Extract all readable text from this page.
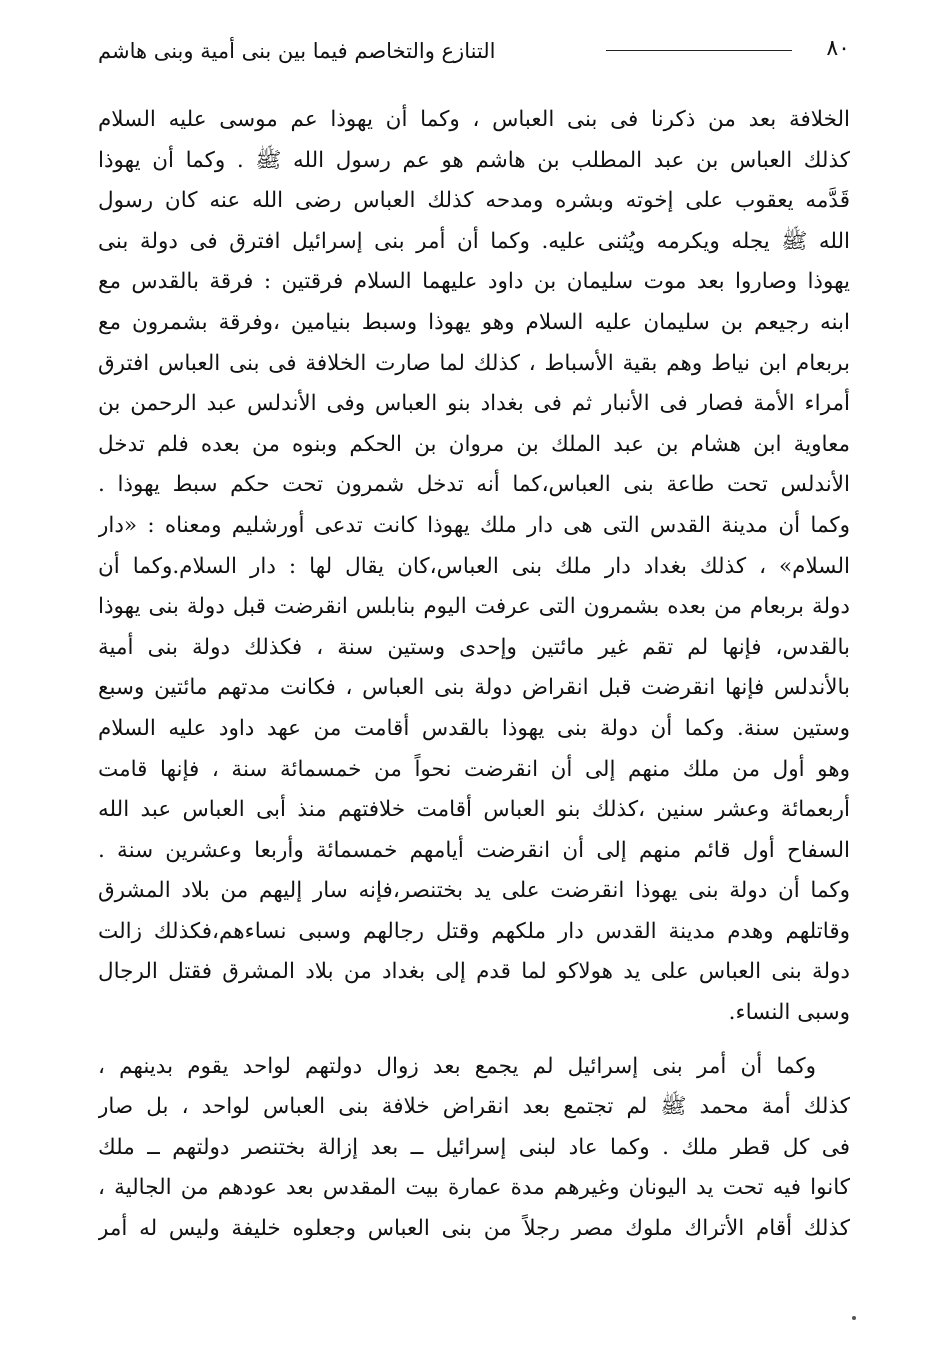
٨٠
التنازع والتخاصم فيما بين بنى أمية وبنى هاشم
الخلافة بعد من ذكرنا فى بنى العباس ، وكما أن يهوذا عم موسى عليه السلام
كذلك العباس بن عبد المطلب بن هاشم هو عم رسول الله ﷺ . وكما أن يهوذا
قَدَّمه يعقوب على إخوته وبشره ومدحه كذلك العباس رضى الله عنه كان رسول
الله ﷺ يجله ويكرمه ويُثنى عليه. وكما أن أمر بنى إسرائيل افترق فى دولة بنى
يهوذا وصاروا بعد موت سليمان بن داود عليهما السلام فرقتين : فرقة بالقدس مع
ابنه رجيعم بن سليمان عليه السلام وهو يهوذا وسبط بنيامين ،وفرقة بشمرون مع
بربعام ابن نياط وهم بقية الأسباط ، كذلك لما صارت الخلافة فى بنى العباس افترق
أمراء الأمة فصار فى الأنبار ثم فى بغداد بنو العباس وفى الأندلس عبد الرحمن بن
معاوية ابن هشام بن عبد الملك بن مروان بن الحكم وبنوه من بعده فلم تدخل
الأندلس تحت طاعة بنى العباس،كما أنه تدخل شمرون تحت حكم سبط يهوذا .
وكما أن مدينة القدس التى هى دار ملك يهوذا كانت تدعى أورشليم ومعناه : «دار
السلام» ، كذلك بغداد دار ملك بنى العباس،كان يقال لها : دار السلام.وكما أن
دولة بربعام من بعده بشمرون التى عرفت اليوم بنابلس انقرضت قبل دولة بنى يهوذا
بالقدس، فإنها لم تقم غير مائتين وإحدى وستين سنة ، فكذلك دولة بنى أمية
بالأندلس فإنها انقرضت قبل انقراض دولة بنى العباس ، فكانت مدتهم مائتين وسبع
وستين سنة. وكما أن دولة بنى يهوذا بالقدس أقامت من عهد داود عليه السلام
وهو أول من ملك منهم إلى أن انقرضت نحواً من خمسمائة سنة ، فإنها قامت
أربعمائة وعشر سنين ،كذلك بنو العباس أقامت خلافتهم منذ أبى العباس عبد الله
السفاح أول قائم منهم إلى أن انقرضت أيامهم خمسمائة وأربعا وعشرين سنة .
وكما أن دولة بنى يهوذا انقرضت على يد بختنصر،فإنه سار إليهم من بلاد المشرق
وقاتلهم وهدم مدينة القدس دار ملكهم وقتل رجالهم وسبى نساءهم،فكذلك زالت
دولة بنى العباس على يد هولاكو لما قدم إلى بغداد من بلاد المشرق فقتل الرجال
وسبى النساء.
وكما أن أمر بنى إسرائيل لم يجمع بعد زوال دولتهم لواحد يقوم بدينهم ،
كذلك أمة محمد ﷺ لم تجتمع بعد انقراض خلافة بنى العباس لواحد ، بل صار
فى كل قطر ملك . وكما عاد لبنى إسرائيل ــ بعد إزالة بختنصر دولتهم ــ ملك
كانوا فيه تحت يد اليونان وغيرهم مدة عمارة بيت المقدس بعد عودهم من الجالية ،
كذلك أقام الأتراك ملوك مصر رجلاً من بنى العباس وجعلوه خليفة وليس له أمر
